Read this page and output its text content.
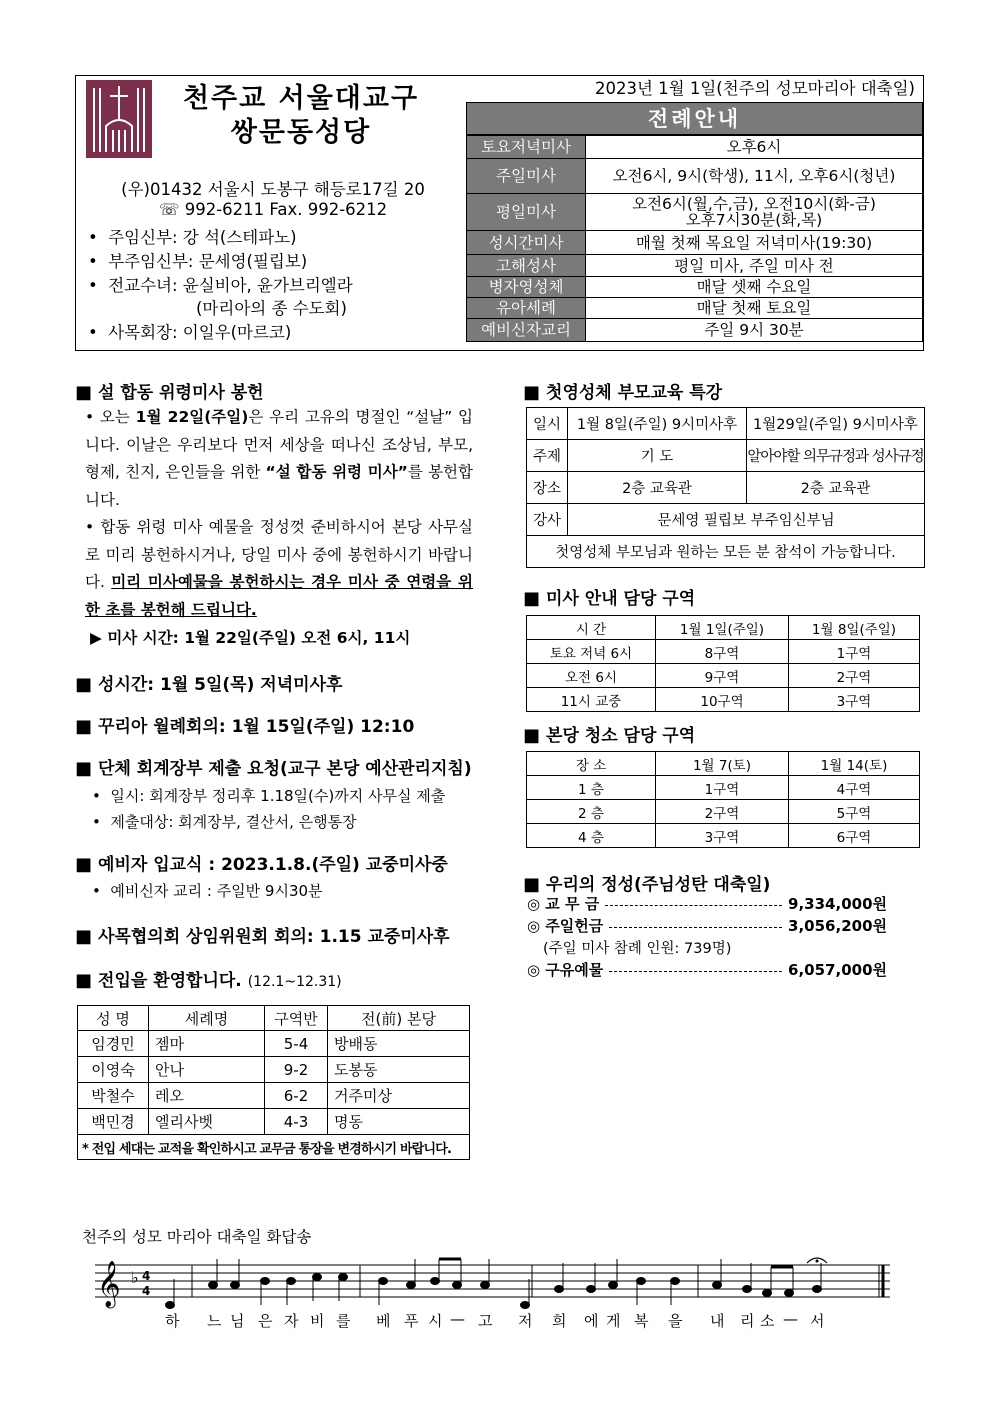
천주교 서울대교구
쌍문동성당
(우)01432 서울시 도봉구 해등로17길 20
☏ 992-6211 Fax. 992-6212
•  주임신부: 강 석(스테파노)
•  부주임신부: 문세영(필립보)
•  전교수녀: 윤실비아, 윤가브리엘라
(마리아의 종 수도회)
•  사목회장: 이일우(마르코)
2023년 1월 1일(천주의 성모마리아 대축일)
전례안내
토요저녁미사	오후6시
주일미사	오전6시, 9시(학생), 11시, 오후6시(청년)
평일미사	오전6시(월,수,금), 오전10시(화-금)
오후7시30분(화,목)

성시간미사	매월 첫째 목요일 저녁미사(19:30)
고해성사	평일 미사, 주일 미사 전
병자영성체	매달 셋째 수요일
유아세례	매달 첫째 토요일
예비신자교리	주일 9시 30분
■ 설 합동 위령미사 봉헌
• 오는 1월 22일(주일)은 우리 고유의 명절인 “설날” 입니다. 이날은 우리보다 먼저 세상을 떠나신 조상님, 부모, 형제, 친지, 은인들을 위한 “설 합동 위령 미사”를 봉헌합니다.
• 합동 위령 미사 예물을 정성껏 준비하시어 본당 사무실로 미리 봉헌하시거나, 당일 미사 중에 봉헌하시기 바랍니다. 미리 미사예물을 봉헌하시는 경우 미사 중 연령을 위한 초를 봉헌해 드립니다.
▶ 미사 시간: 1월 22일(주일) 오전 6시, 11시
■ 성시간: 1월 5일(목) 저녁미사후
■ 꾸리아 월례회의: 1월 15일(주일) 12:10
■ 단체 회계장부 제출 요청(교구 본당 예산관리지침)
•  일시: 회계장부 정리후 1.18일(수)까지 사무실 제출
•  제출대상: 회계장부, 결산서, 은행통장
■ 예비자 입교식 : 2023.1.8.(주일) 교중미사중
•  예비신자 교리 : 주일반 9시30분
■ 사목협의회 상임위원회 회의: 1.15 교중미사후
■ 전입을 환영합니다. (12.1~12.31)
성 명	세례명	구역반	전(前) 본당
임경민	젬마	5-4	방배동
이영숙	안나	9-2	도봉동
박철수	레오	6-2	거주미상
백민경	엘리사벳	4-3	명동
* 전입 세대는 교적을 확인하시고 교무금 통장을 변경하시기 바랍니다.			
■ 첫영성체 부모교육 특강
일시	1월 8일(주일) 9시미사후	1월29일(주일) 9시미사후
주제	기 도	알아야할 의무규정과 성사규정
장소	2층 교육관	2층 교육관
강사	문세영 필립보 부주임신부님	
첫영성체 부모님과 원하는 모든 분 참석이 가능합니다.		
■ 미사 안내 담당 구역
시 간	1월 1일(주일)	1월 8일(주일)
토요 저녁 6시	8구역	1구역
오전 6시	9구역	2구역
11시 교중	10구역	3구역
■ 본당 청소 담당 구역
장 소	1월 7(토)	1월 14(토)
1 층	1구역	4구역
2 층	2구역	5구역
4 층	3구역	6구역
■ 우리의 정성(주님성탄 대축일)
◎ 교 무 금	9,334,000원
◎ 주일헌금	3,056,200원
(주일 미사 참례 인원: 739명)
◎ 구유예물	6,057,000원
천주의 성모 마리아 대축일 화답송
𝄞 ♭ 4
4
하 느 님 은 자 비 를 베 푸 시 — 고 저 희 에 게 복 을 내 리 소 — 서
